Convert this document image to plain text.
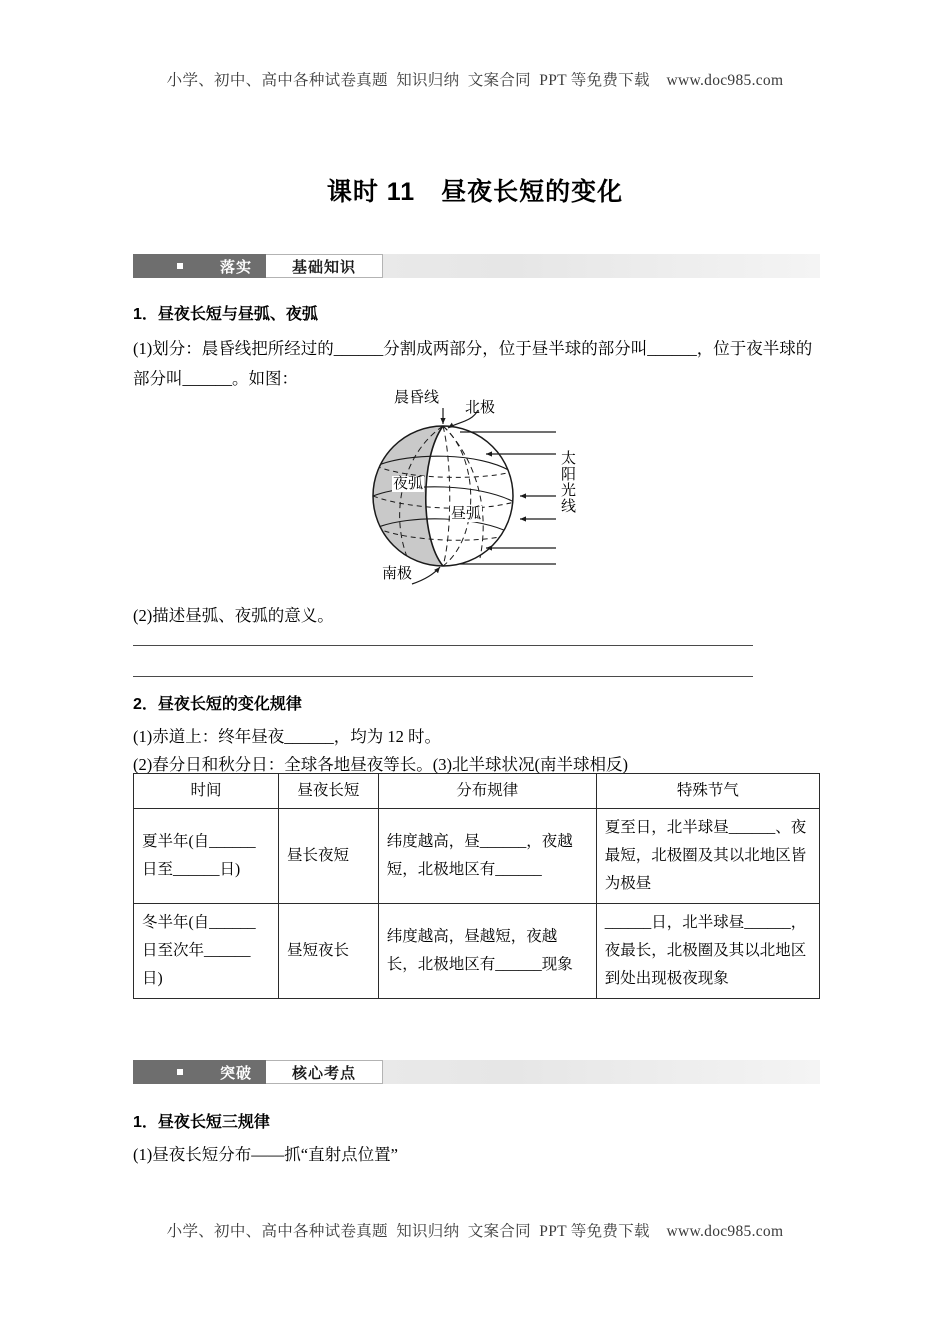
小学、初中、高中各种试卷真题  知识归纳  文案合同  PPT 等免费下载    www.doc985.com
课时 11　昼夜长短的变化
落实	基础知识
1．昼夜长短与昼弧、夜弧
(1)划分：晨昏线把所经过的______分割成两部分，位于昼半球的部分叫______，位于夜半球的部分叫______。如图：
晨昏线
北极
夜弧
昼弧
南极
太阳光线
(2)描述昼弧、夜弧的意义。
2．昼夜长短的变化规律
(1)赤道上：终年昼夜______，均为 12 时。
(2)春分日和秋分日：全球各地昼夜等长。(3)北半球状况(南半球相反)
时间	昼夜长短	分布规律	特殊节气
夏半年(自______日至______日)	昼长夜短	纬度越高，昼______，夜越短，北极地区有______	夏至日，北半球昼______、夜最短，北极圈及其以北地区皆为极昼
冬半年(自______日至次年______日)	昼短夜长	纬度越高，昼越短，夜越长，北极地区有______现象	______日，北半球昼______，夜最长，北极圈及其以北地区到处出现极夜现象
突破	核心考点
1．昼夜长短三规律
(1)昼夜长短分布——抓“直射点位置”
小学、初中、高中各种试卷真题  知识归纳  文案合同  PPT 等免费下载    www.doc985.com
